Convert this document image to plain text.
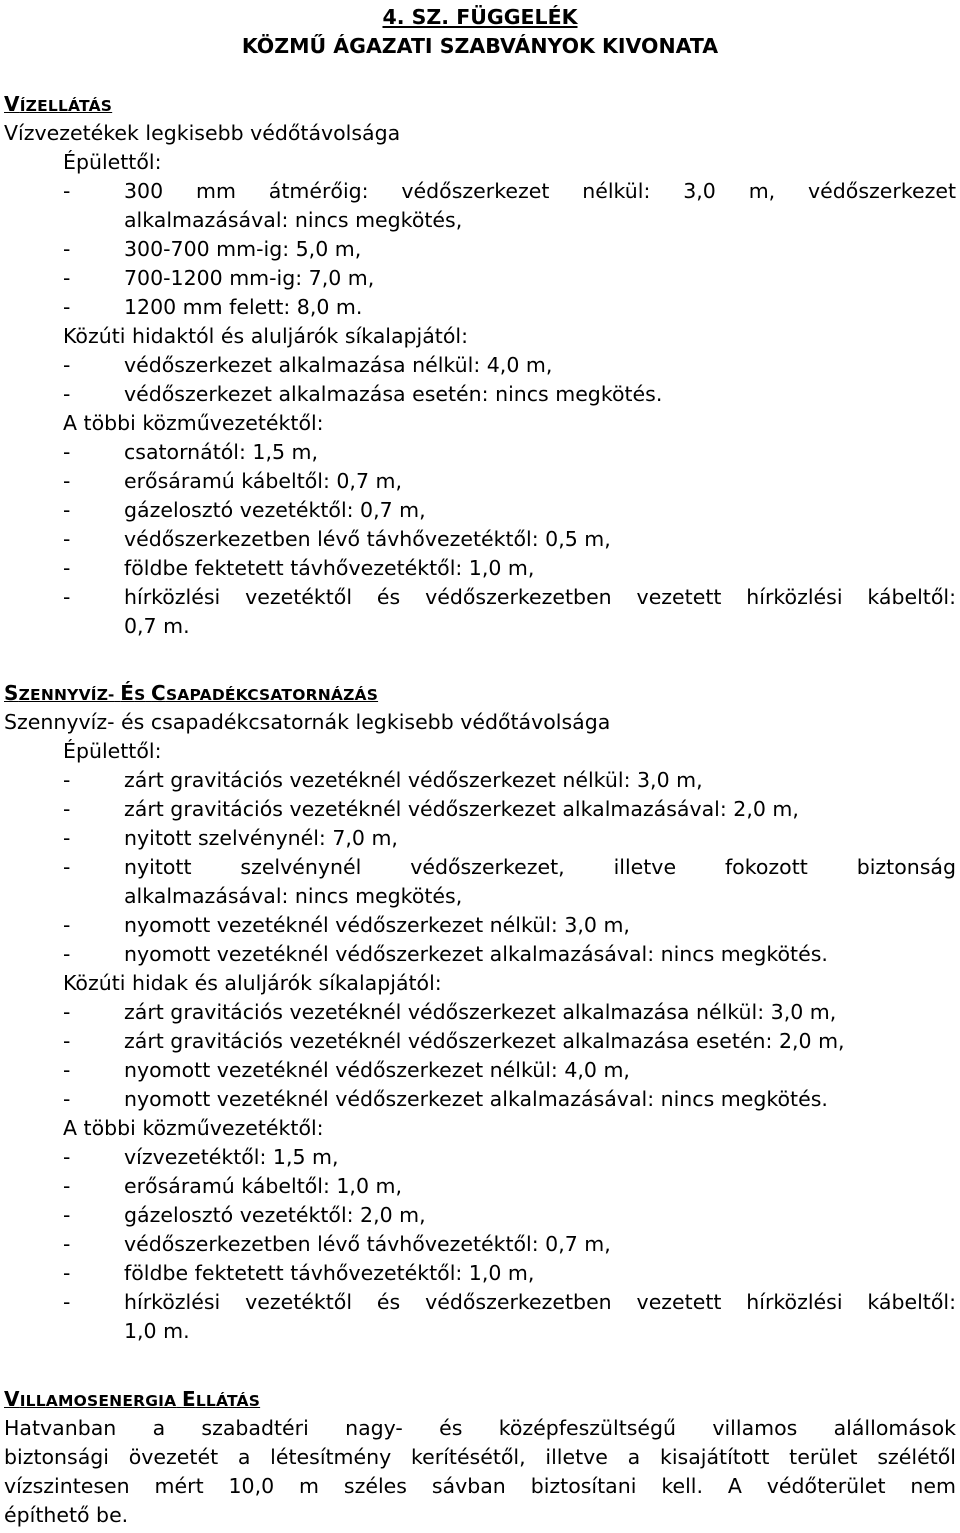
4. SZ. FÜGGELÉK
KÖZMŰ ÁGAZATI SZABVÁNYOK KIVONATA
VÍZELLÁTÁS
Vízvezetékek legkisebb védőtávolsága
Épülettől:
-	300 mm átmérőig: védőszerkezet nélkül: 3,0 m, védőszerkezet
alkalmazásával: nincs megkötés,
-	300-700 mm-ig: 5,0 m,
-	700-1200 mm-ig: 7,0 m,
-	1200 mm felett: 8,0 m.
Közúti hidaktól és aluljárók síkalapjától:
-	védőszerkezet alkalmazása nélkül: 4,0 m,
-	védőszerkezet alkalmazása esetén: nincs megkötés.
A többi közművezetéktől:
-	csatornától: 1,5 m,
-	erősáramú kábeltől: 0,7 m,
-	gázelosztó vezetéktől: 0,7 m,
-	védőszerkezetben lévő távhővezetéktől: 0,5 m,
-	földbe fektetett távhővezetéktől: 1,0 m,
-	hírközlési vezetéktől és védőszerkezetben vezetett hírközlési kábeltől:
0,7 m.
SZENNYVÍZ- ÉS CSAPADÉKCSATORNÁZÁS
Szennyvíz- és csapadékcsatornák legkisebb védőtávolsága
Épülettől:
-	zárt gravitációs vezetéknél védőszerkezet nélkül: 3,0 m,
-	zárt gravitációs vezetéknél védőszerkezet alkalmazásával: 2,0 m,
-	nyitott szelvénynél: 7,0 m,
-	nyitott szelvénynél védőszerkezet, illetve fokozott biztonság
alkalmazásával: nincs megkötés,
-	nyomott vezetéknél védőszerkezet nélkül: 3,0 m,
-	nyomott vezetéknél védőszerkezet alkalmazásával: nincs megkötés.
Közúti hidak és aluljárók síkalapjától:
-	zárt gravitációs vezetéknél védőszerkezet alkalmazása nélkül: 3,0 m,
-	zárt gravitációs vezetéknél védőszerkezet alkalmazása esetén: 2,0 m,
-	nyomott vezetéknél védőszerkezet nélkül: 4,0 m,
-	nyomott vezetéknél védőszerkezet alkalmazásával: nincs megkötés.
A többi közművezetéktől:
-	vízvezetéktől: 1,5 m,
-	erősáramú kábeltől: 1,0 m,
-	gázelosztó vezetéktől: 2,0 m,
-	védőszerkezetben lévő távhővezetéktől: 0,7 m,
-	földbe fektetett távhővezetéktől: 1,0 m,
-	hírközlési vezetéktől és védőszerkezetben vezetett hírközlési kábeltől:
1,0 m.
VILLAMOSENERGIA ELLÁTÁS
Hatvanban a szabadtéri nagy- és középfeszültségű villamos alállomások
biztonsági övezetét a létesítmény kerítésétől, illetve a kisajátított terület szélétől
vízszintesen mért 10,0 m széles sávban biztosítani kell. A védőterület nem
építhető be.
